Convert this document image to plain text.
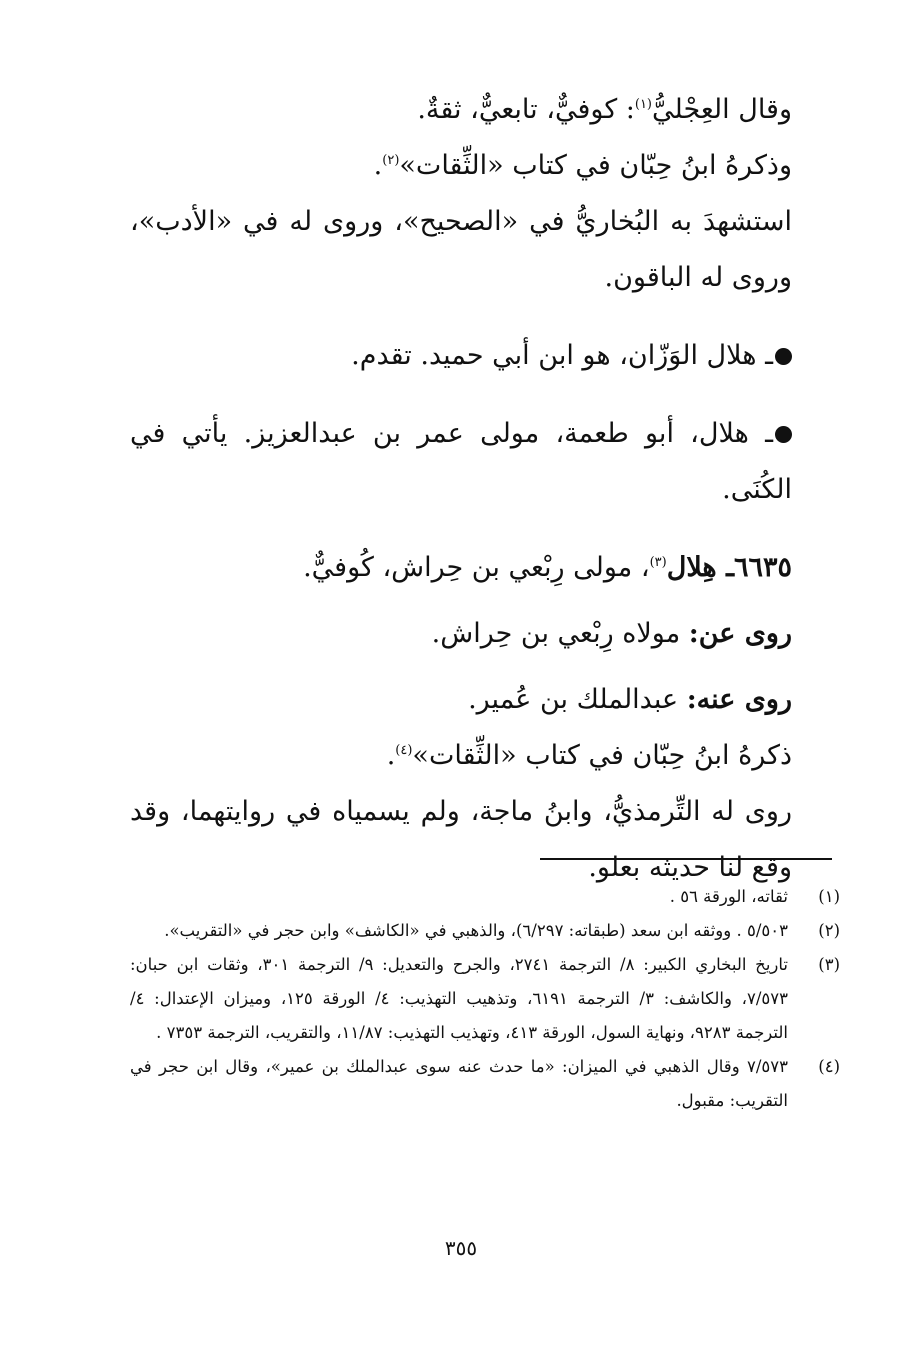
وقال العِجْليُّ$^{(١)}$: كوفيٌّ، تابعيٌّ، ثقةٌ.

وذكرهُ ابنُ حِبّان في كتاب «الثِّقات»$^{(٢)}$.

استشهدَ به البُخاريُّ في «الصحيح»، وروى له في «الأدب»، وروى له الباقون.

ـ هلال الوَزّان، هو ابن أبي حميد. تقدم.

ـ هلال، أبو طعمة، مولى عمر بن عبدالعزيز. يأتي في الكُنَى.

٦٦٣٥ـ هِلال$^{(٣)}$، مولى رِبْعي بن حِراش، كُوفيٌّ.

روى عن: مولاه رِبْعي بن حِراش.

روى عنه: عبدالملك بن عُمير.

ذكرهُ ابنُ حِبّان في كتاب «الثِّقات»$^{(٤)}$.

روى له التِّرمذيُّ، وابنُ ماجة، ولم يسمياه في روايتهما، وقد وقع لنا حديثه بعلو.

(١)
ثقاته، الورقة ٥٦ .
(٢)
٥/٥٠٣ . ووثقه ابن سعد (طبقاته: ٦/٢٩٧)، والذهبي في «الكاشف» وابن حجر في «التقريب».
(٣)
تاريخ البخاري الكبير: ٨/ الترجمة ٢٧٤١، والجرح والتعديل: ٩/ الترجمة ٣٠١، وثقات ابن حبان: ٧/٥٧٣، والكاشف: ٣/ الترجمة ٦١٩١، وتذهيب التهذيب: ٤/ الورقة ١٢٥، وميزان الإعتدال: ٤/ الترجمة ٩٢٨٣، ونهاية السول، الورقة ٤١٣، وتهذيب التهذيب: ١١/٨٧، والتقريب، الترجمة ٧٣٥٣ .
(٤)
٧/٥٧٣ وقال الذهبي في الميزان: «ما حدث عنه سوى عبدالملك بن عمير»، وقال ابن حجر في التقريب: مقبول.
٣٥٥
